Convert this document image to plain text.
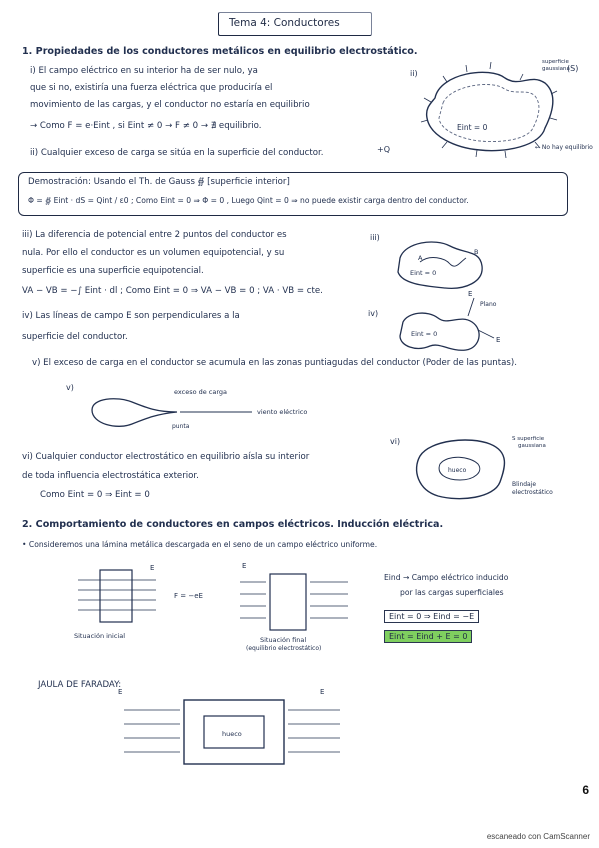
Tema 4: Conductores
1. Propiedades de los conductores metálicos en equilibrio electrostático.
i) El campo eléctrico en su interior ha de ser nulo, ya
que si no, existiría una fuerza eléctrica que produciría el
movimiento de las cargas, y el conductor no estaría en equilibrio
→ Como F = e·Eint , si Eint ≠ 0 → F ≠ 0 → ∄ equilibrio.
ii) Cualquier exceso de carga se sitúa en la superficie del conductor.
ii)
Eint = 0
+Q
superficie
gaussiana
(S)
← No hay equilibrio
Demostración: Usando el Th. de Gauss ∯ [superficie interior]
Φ = ∯ Eint · dS = Qint / ε0 ; Como Eint = 0 ⇒ Φ = 0 , Luego Qint = 0 ⇒ no puede existir carga dentro del conductor.
iii) La diferencia de potencial entre 2 puntos del conductor es
nula. Por ello el conductor es un volumen equipotencial, y su
superficie es una superficie equipotencial.
VA − VB = −∫ Eint · dl ; Como Eint = 0 ⇒ VA − VB = 0 ; VA · VB = cte.
iv) Las líneas de campo E son perpendiculares a la
superficie del conductor.
iii)
Eint = 0
A
B
iv)
Eint = 0
E
E
Plano
v) El exceso de carga en el conductor se acumula en las zonas puntiagudas del conductor (Poder de las puntas).
v)	exceso de carga
punta
viento eléctrico
vi) Cualquier conductor electrostático en equilibrio aísla su interior
de toda influencia electrostática exterior.
Como Eint = 0 ⇒ Eint = 0
vi)
hueco
S superficie
gaussiana
Blindaje
electrostático
2. Comportamiento de conductores en campos eléctricos. Inducción eléctrica.
• Consideremos una lámina metálica descargada en el seno de un campo eléctrico uniforme.
E
Situación inicial
F = −eE
E
Situación final
(equilibrio electrostático)
Eind → Campo eléctrico inducido
por las cargas superficiales
Eint = 0 ⇒ Eind = −E
Eint = Eind + E = 0
JAULA DE FARADAY:
E	E
hueco
6
escaneado con CamScanner
